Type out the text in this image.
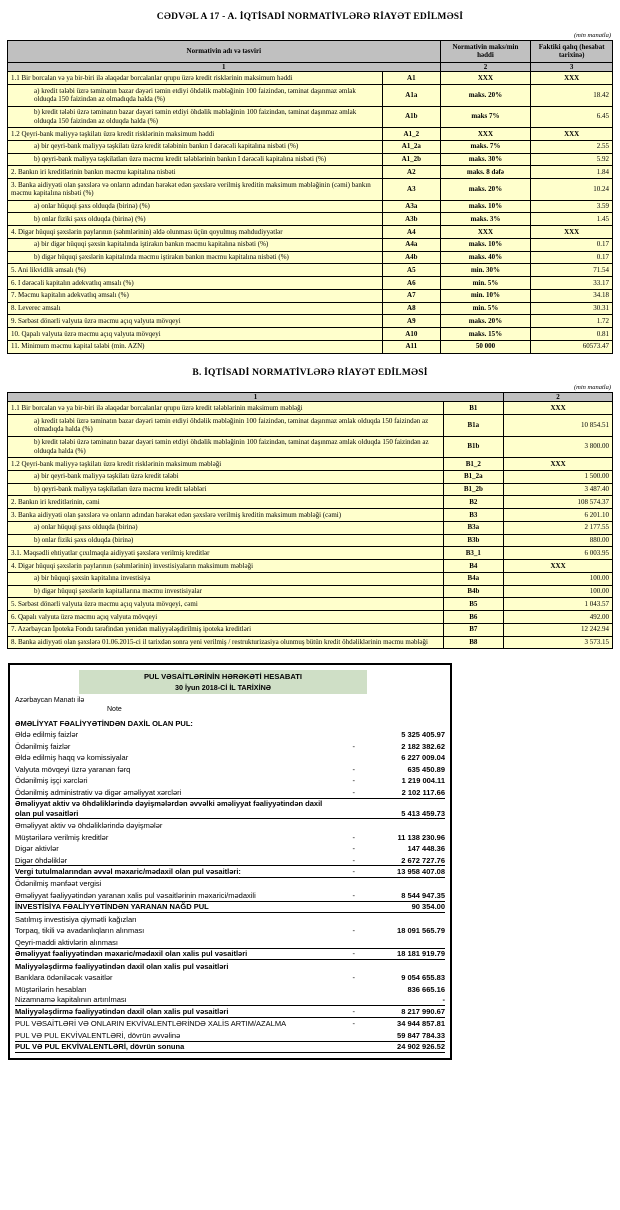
CƏDVƏL A 17 - A. İQTİSADİ NORMATİVLƏRƏ RİAYƏT EDİLMƏSİ
(min manatla)
Normativin adı və təsviri		Normativin maks/min həddi	Faktiki qalıq (hesabat tarixinə)
1		2	3
1.1 Bir borcalan və ya bir-biri ilə əlaqədar borcalanlar qrupu üzrə kredit risklərinin maksimum həddi	A1	XXX	XXX
a) kredit tələbi üzrə təminatın bazar dəyəri təmin etdiyi öhdəlik məbləğinin 100 faizindən, təminat daşınmaz əmlak olduqda 150 faizindən az olmadıqda halda (%)	A1a	maks. 20%	18.42
b) kredit tələbi üzrə təminatın bazar dəyəri təmin etdiyi öhdəlik məbləğinin 100 faizindən, təminat daşınmaz əmlak olduqda 150 faizindən az olduqda halda (%)	A1b	maks 7%	6.45
1.2 Qeyri-bank maliyyə təşkilatı üzrə kredit risklərinin maksimum həddi	A1_2	XXX	XXX
a) bir qeyri-bank maliyyə təşkilatı üzrə kredit tələbinin bankın I dərəcəli kapitalına nisbəti (%)	A1_2a	maks. 7%	2.55
b) qeyri-bank maliyyə təşkilatları üzrə məcmu kredit tələblərinin bankın I dərəcəli kapitalına nisbəti (%)	A1_2b	maks. 30%	5.92
2. Bankın iri kreditlərinin bankın məcmu kapitalına nisbəti	A2	maks. 8 dəfə	1.84
3. Banka aidiyyəti olan şəxslərə və onların adından hərəkət edən şəxslərə verilmiş kreditin maksimum məbləğinin (cəmi) bankın məcmu kapitalına nisbəti (%)	A3	maks. 20%	10.24
a) onlar hüquqi şəxs olduqda (birinə) (%)	A3a	maks. 10%	3.59
b) onlar fiziki şəxs olduqda (birinə) (%)	A3b	maks. 3%	1.45
4. Digər hüquqi şəxslərin paylarının (səhmlərinin) əldə olunması üçün qoyulmuş məhdudiyyətlər	A4	XXX	XXX
a) bir digər hüquqi şəxsin kapitalında iştirakın bankın məcmu kapitalına nisbəti (%)	A4a	maks. 10%	0.17
b) digər hüquqi şəxslərin kapitalında məcmu iştirakın bankın məcmu kapitalına nisbəti (%)	A4b	maks. 40%	0.17
5. Ani likvidlik əmsalı (%)	A5	min. 30%	71.54
6. I dərəcəli kapitalın adekvatlıq əmsalı (%)	A6	min. 5%	33.17
7. Məcmu kapitalın adekvatlıq əmsalı (%)	A7	min. 10%	34.18
8. Leverec əmsalı	A8	min. 5%	30.31
9. Sərbəst dönərli valyuta üzrə məcmu açıq valyuta mövqeyi	A9	maks. 20%	1.72
10. Qapalı valyuta üzrə məcmu açıq valyuta mövqeyi	A10	maks. 15%	0.81
11. Minimum məcmu kapital tələbi (min. AZN)	A11	50 000	60573.47
B. İQTİSADİ NORMATİVLƏRƏ RİAYƏT EDİLMƏSİ
(min manatla)
1		2
1.1 Bir borcalan və ya bir-biri ilə əlaqədar borcalanlar qrupu üzrə kredit tələblərinin maksimum məbləği	B1	XXX
a) kredit tələbi üzrə təminatın bazar dəyəri təmin etdiyi öhdəlik məbləğinin 100 faizindən, təminat daşınmaz əmlak olduqda 150 faizindən az olmadıqda halda (%)	B1a	10 854.51
b) kredit tələbi üzrə təminatın bazar dəyəri təmin etdiyi öhdəlik məbləğinin 100 faizindən, təminat daşınmaz əmlak olduqda 150 faizindən az olduqda halda (%)	B1b	3 800.00
1.2 Qeyri-bank maliyyə təşkilatı üzrə kredit risklərinin maksimum məbləği	B1_2	XXX
a) bir qeyri-bank maliyyə təşkilatı üzrə kredit tələbi	B1_2a	1 500.00
b) qeyri-bank maliyyə təşkilatları üzrə məcmu kredit tələbləri	B1_2b	3 487.40
2. Bankın iri kreditlərinin, cəmi	B2	108 574.37
3. Banka aidiyyəti olan şəxslərə və onların adından hərəkət edən şəxslərə verilmiş kreditin maksimum məbləği (cəmi)	B3	6 201.10
a) onlar hüquqi şəxs olduqda (birinə)	B3a	2 177.55
b) onlar fiziki şəxs olduqda (birinə)	B3b	880.00
3.1. Məqsədli ehtiyatlar çıxılmaqla aidiyyəti şəxslərə verilmiş kreditlər	B3_1	6 003.95
4. Digər hüquqi şəxslərin paylarının (səhmlərinin) investisiyaların maksimum məbləği	B4	XXX
a) bir hüquqi şəxsin kapitalına investisiya	B4a	100.00
b) digər hüquqi şəxslərin kapitallarına məcmu investisiyalar	B4b	100.00
5. Sərbəst dönərli valyuta üzrə məcmu açıq valyuta mövqeyi, cəmi	B5	1 043.57
6. Qapalı valyuta üzrə məcmu açıq valyuta mövqeyi	B6	492.00
7. Azərbaycan İpoteka Fondu tərəfindən yenidən maliyyələşdirilmiş ipoteka kreditləri	B7	12 242.94
8. Banka aidiyyəti olan şəxslərə 01.06.2015-ci il tarixdən sonra yeni verilmiş / restrukturizasiya olunmuş bütün kredit öhdəliklərinin məcmu məbləği	B8	3 573.15
PUL VƏSAİTLƏRİNİN HƏRƏKƏTİ HESABATI
30 İyun 2018-Cİ İL TARİXİNƏ
Azərbaycan Manatı ilə
Note
ƏMƏLİYYAT FƏALİYYƏTİNDƏN DAXİL OLAN PUL:
Əldə edilmiş faizlər	5 325 405.97
Ödənilmiş faizlər	-	2 182 382.62
Əldə edilmiş haqq və komissiyalar	6 227 009.04
Valyuta mövqeyi üzrə yaranan fərq	-	635 450.89
Ödənilmiş işçi xərcləri	-	1 219 004.11
Ödənilmiş administrativ və digər əməliyyat xərcləri	-	2 102 117.66
Əməliyyat aktiv və öhdəliklərində dəyişmələrdən əvvəlki əməliyyat fəaliyyətindən daxil olan pul vəsaitləri	5 413 459.73
Əməliyyat aktiv və öhdəliklərində dəyişmələr
Müştərilərə verilmiş kreditlər	-	11 138 230.96
Digər aktivlər	-	147 448.36
Digər öhdəliklər	-	2 672 727.76
Vergi tutulmalarından əvvəl məxaric/mədaxil olan pul vəsaitləri:	-	13 958 407.08
Ödənilmiş mənfəət vergisi
Əməliyyat fəaliyyətindən yaranan xalis pul vəsaitlərinin məxarici/mədaxili	-	8 544 947.35
İNVESTİSİYA FƏALİYYƏTİNDƏN YARANAN NAĞD PUL	90 354.00
Satılmış investisiya qiymətli kağızları
Torpaq, tikili və avadanlıqların alınması	-	18 091 565.79
Qeyri-maddi aktivlərin alınması
Əməliyyat fəaliyyətindən məxaric/mədaxil olan xalis pul vəsaitləri	-	18 181 919.79
Maliyyələşdirmə fəaliyyətindən daxil olan xalis pul vəsaitləri
Banklara ödəniləcək vəsaitlər	-	9 054 655.83
Müştərilərin hesabları	836 665.16
Nizamnamə kapitalının artırılması	-
Maliyyələşdirmə fəaliyyətindən daxil olan xalis pul vəsaitləri	-	8 217 990.67
PUL VƏSAİTLƏRİ VƏ ONLARIN EKVİVALENTLƏRİNDƏ XALİS ARTIM/AZALMA	-	34 944 857.81
PUL VƏ PUL EKVİVALENTLƏRİ, dövrün əvvəlinə	59 847 784.33
PUL VƏ PUL EKVİVALENTLƏRİ, dövrün sonuna	24 902 926.52
